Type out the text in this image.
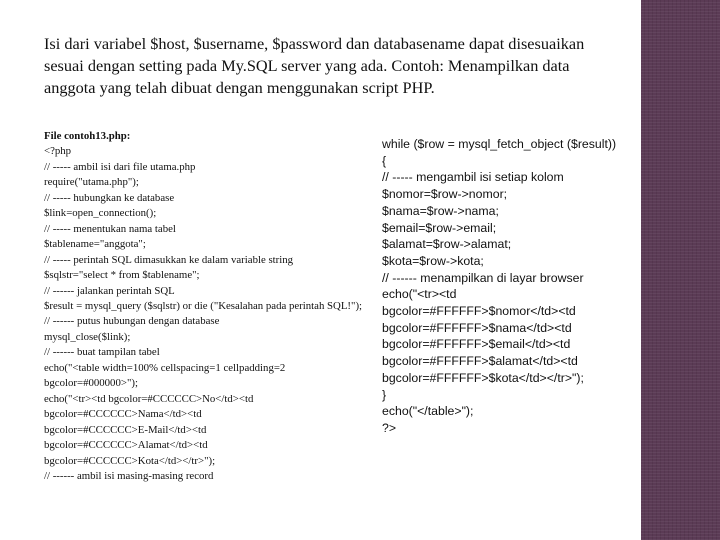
Isi dari variabel $host, $username, $password dan databasename dapat disesuaikan
sesuai dengan setting pada My.SQL server yang ada. Contoh: Menampilkan data
anggota yang telah dibuat dengan menggunakan script PHP.

File contoh13.php:
<?php
// ----- ambil isi dari file utama.php
require("utama.php");
// ----- hubungkan ke database
$link=open_connection();
// ----- menentukan nama tabel
$tablename="anggota";
// ----- perintah SQL dimasukkan ke dalam variable string
$sqlstr="select * from $tablename";
// ------ jalankan perintah SQL
$result = mysql_query ($sqlstr) or die ("Kesalahan pada perintah SQL!");
// ------ putus hubungan dengan database
mysql_close($link);
// ------ buat tampilan tabel
echo("<table width=100% cellspacing=1 cellpadding=2
bgcolor=#000000>");
echo("<tr><td bgcolor=#CCCCCC>No</td><td
bgcolor=#CCCCCC>Nama</td><td
bgcolor=#CCCCCC>E-Mail</td><td
bgcolor=#CCCCCC>Alamat</td><td
bgcolor=#CCCCCC>Kota</td></tr>");
// ------ ambil isi masing-masing record
while ($row = mysql_fetch_object ($result))
{
// ----- mengambil isi setiap kolom
$nomor=$row->nomor;
$nama=$row->nama;
$email=$row->email;
$alamat=$row->alamat;
$kota=$row->kota;
// ------ menampilkan di layar browser
echo("<tr><td
bgcolor=#FFFFFF>$nomor</td><td
bgcolor=#FFFFFF>$nama</td><td
bgcolor=#FFFFFF>$email</td><td
bgcolor=#FFFFFF>$alamat</td><td
bgcolor=#FFFFFF>$kota</td></tr>");
}
echo("</table>");
?>
